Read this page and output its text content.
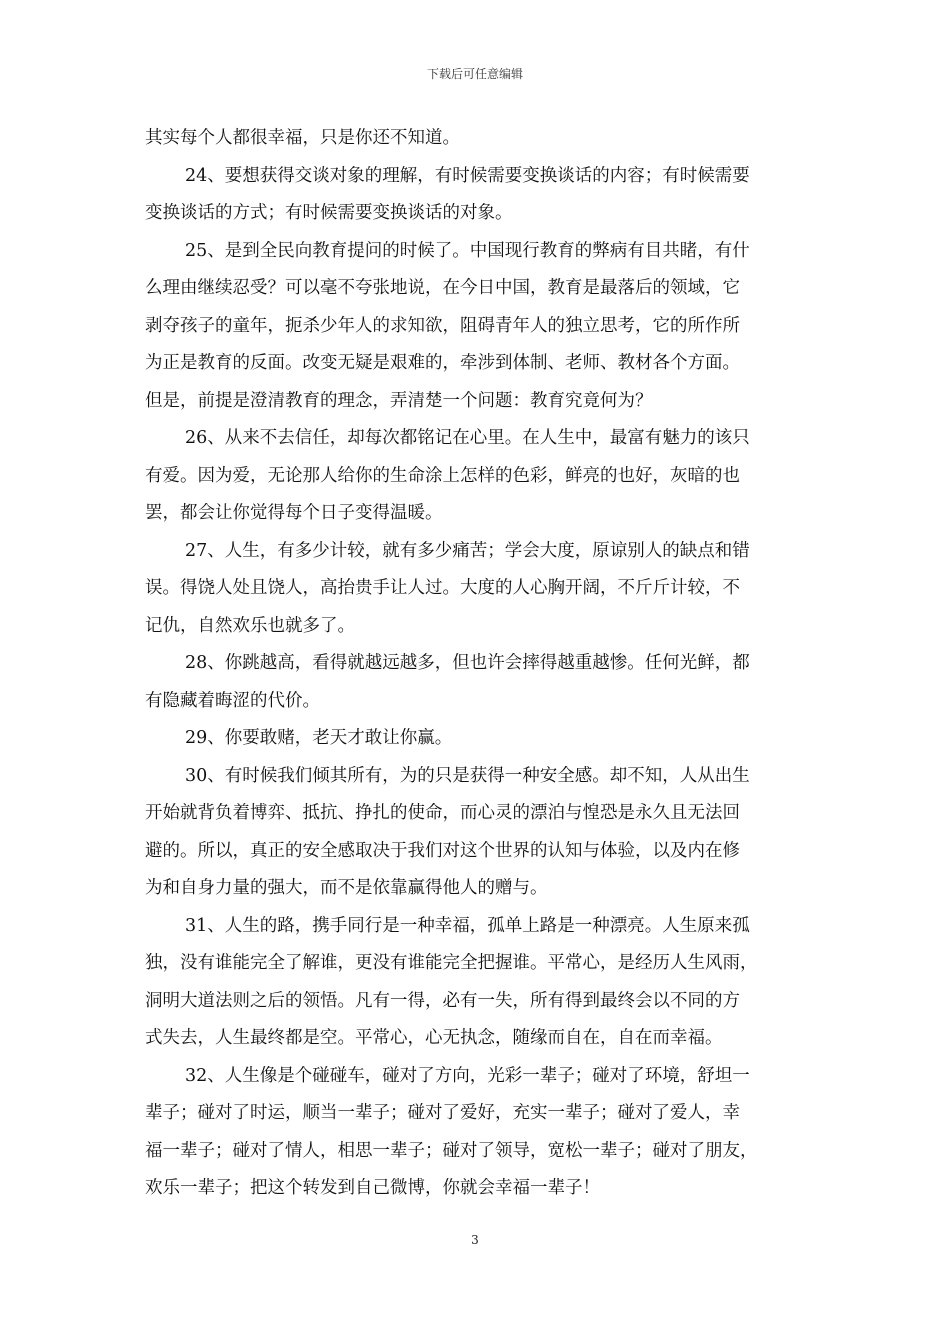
下载后可任意编辑
其实每个人都很幸福，只是你还不知道。
24、要想获得交谈对象的理解，有时候需要变换谈话的内容；有时候需要
变换谈话的方式；有时候需要变换谈话的对象。
25、是到全民向教育提问的时候了。中国现行教育的弊病有目共睹，有什
么理由继续忍受？可以毫不夸张地说，在今日中国，教育是最落后的领域，它
剥夺孩子的童年，扼杀少年人的求知欲，阻碍青年人的独立思考，它的所作所
为正是教育的反面。改变无疑是艰难的，牵涉到体制、老师、教材各个方面。
但是，前提是澄清教育的理念，弄清楚一个问题：教育究竟何为？
26、从来不去信任，却每次都铭记在心里。在人生中，最富有魅力的该只
有爱。因为爱，无论那人给你的生命涂上怎样的色彩，鲜亮的也好，灰暗的也
罢，都会让你觉得每个日子变得温暖。
27、人生，有多少计较，就有多少痛苦；学会大度，原谅别人的缺点和错
误。得饶人处且饶人，高抬贵手让人过。大度的人心胸开阔，不斤斤计较，不
记仇，自然欢乐也就多了。
28、你跳越高，看得就越远越多，但也许会摔得越重越惨。任何光鲜，都
有隐藏着晦涩的代价。
29、你要敢赌，老天才敢让你赢。
30、有时候我们倾其所有，为的只是获得一种安全感。却不知，人从出生
开始就背负着博弈、抵抗、挣扎的使命，而心灵的漂泊与惶恐是永久且无法回
避的。所以，真正的安全感取决于我们对这个世界的认知与体验，以及内在修
为和自身力量的强大，而不是依靠赢得他人的赠与。
31、人生的路，携手同行是一种幸福，孤单上路是一种漂亮。人生原来孤
独，没有谁能完全了解谁，更没有谁能完全把握谁。平常心，是经历人生风雨，
洞明大道法则之后的领悟。凡有一得，必有一失，所有得到最终会以不同的方
式失去，人生最终都是空。平常心，心无执念，随缘而自在，自在而幸福。
32、人生像是个碰碰车，碰对了方向，光彩一辈子；碰对了环境，舒坦一
辈子；碰对了时运，顺当一辈子；碰对了爱好，充实一辈子；碰对了爱人，幸
福一辈子；碰对了情人，相思一辈子；碰对了领导，宽松一辈子；碰对了朋友，
欢乐一辈子；把这个转发到自己微博，你就会幸福一辈子！
3
